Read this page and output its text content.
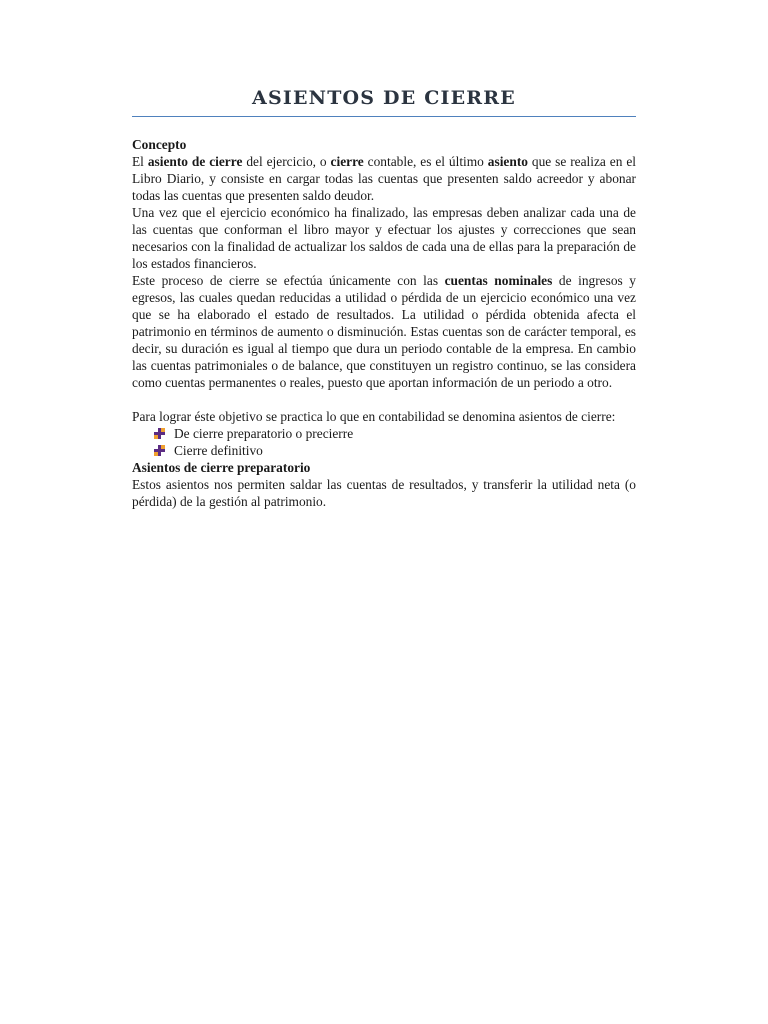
ASIENTOS DE CIERRE

Concepto

El asiento de cierre del ejercicio, o cierre contable, es el último asiento que se realiza en el Libro Diario, y consiste en cargar todas las cuentas que presenten saldo acreedor y abonar todas las cuentas que presenten saldo deudor.

Una vez que el ejercicio económico ha finalizado, las empresas deben analizar cada una de las cuentas que conforman el libro mayor y efectuar los ajustes y correcciones que sean necesarios con la finalidad de actualizar los saldos de cada una de ellas para la preparación de los estados financieros.

Este proceso de cierre se efectúa únicamente con las cuentas nominales de ingresos y egresos, las cuales quedan reducidas a utilidad o pérdida de un ejercicio económico una vez que se ha elaborado el estado de resultados. La utilidad o pérdida obtenida afecta el patrimonio en términos de aumento o disminución. Estas cuentas son de carácter temporal, es decir, su duración es igual al tiempo que dura un periodo contable de la empresa. En cambio las cuentas patrimoniales o de balance, que constituyen un registro continuo, se las considera como cuentas permanentes o reales, puesto que aportan información de un periodo a otro.

Para lograr éste objetivo se practica lo que en contabilidad se denomina asientos de cierre:

De cierre preparatorio o precierre
Cierre definitivo

Asientos de cierre preparatorio

Estos asientos nos permiten saldar las cuentas de resultados, y transferir la utilidad neta (o pérdida) de la gestión al patrimonio.
